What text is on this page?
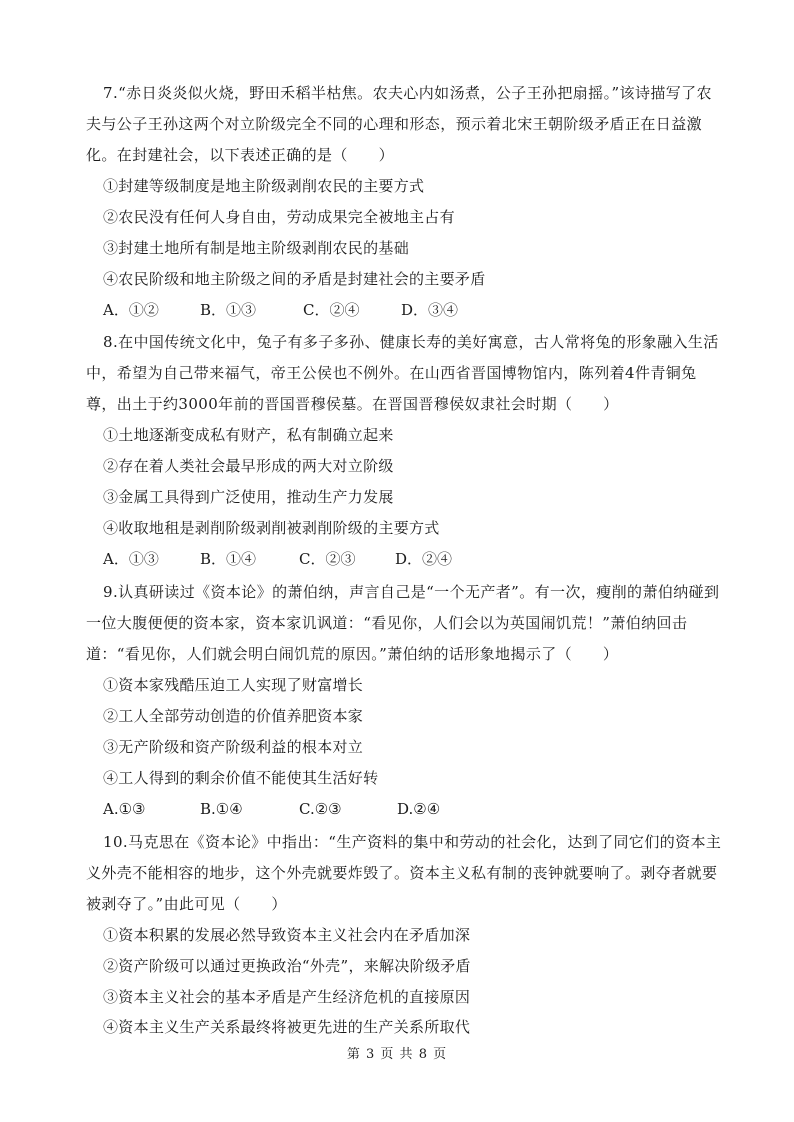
7.“赤日炎炎似火烧，野田禾稻半枯焦。农夫心内如汤煮，公子王孙把扇摇。”该诗描写了农夫与公子王孙这两个对立阶级完全不同的心理和形态，预示着北宋王朝阶级矛盾正在日益激化。在封建社会，以下表述正确的是（　　）

①封建等级制度是地主阶级剥削农民的主要方式

②农民没有任何人身自由，劳动成果完全被地主占有

③封建土地所有制是地主阶级剥削农民的基础

④农民阶级和地主阶级之间的矛盾是封建社会的主要矛盾

A．①②	B．①③	C．②④	D．③④

8.在中国传统文化中，兔子有多子多孙、健康长寿的美好寓意，古人常将兔的形象融入生活中，希望为自己带来福气，帝王公侯也不例外。在山西省晋国博物馆内，陈列着4件青铜兔尊，出土于约3000年前的晋国晋穆侯墓。在晋国晋穆侯奴隶社会时期（　　）

①土地逐渐变成私有财产，私有制确立起来

②存在着人类社会最早形成的两大对立阶级

③金属工具得到广泛使用，推动生产力发展

④收取地租是剥削阶级剥削被剥削阶级的主要方式

A．①③	B．①④	C．②③	D．②④

9.认真研读过《资本论》的萧伯纳，声言自己是“一个无产者”。有一次，瘦削的萧伯纳碰到一位大腹便便的资本家，资本家讥讽道：“看见你，人们会以为英国闹饥荒！”萧伯纳回击道：“看见你，人们就会明白闹饥荒的原因。”萧伯纳的话形象地揭示了（　　）

①资本家残酷压迫工人实现了财富增长

②工人全部劳动创造的价值养肥资本家

③无产阶级和资产阶级利益的根本对立

④工人得到的剩余价值不能使其生活好转

A.①③	B.①④	C.②③	D.②④

10.马克思在《资本论》中指出：“生产资料的集中和劳动的社会化，达到了同它们的资本主义外壳不能相容的地步，这个外壳就要炸毁了。资本主义私有制的丧钟就要响了。剥夺者就要被剥夺了。”由此可见（　　）

①资本积累的发展必然导致资本主义社会内在矛盾加深

②资产阶级可以通过更换政治“外壳”，来解决阶级矛盾

③资本主义社会的基本矛盾是产生经济危机的直接原因

④资本主义生产关系最终将被更先进的生产关系所取代

第 3 页 共 8 页
